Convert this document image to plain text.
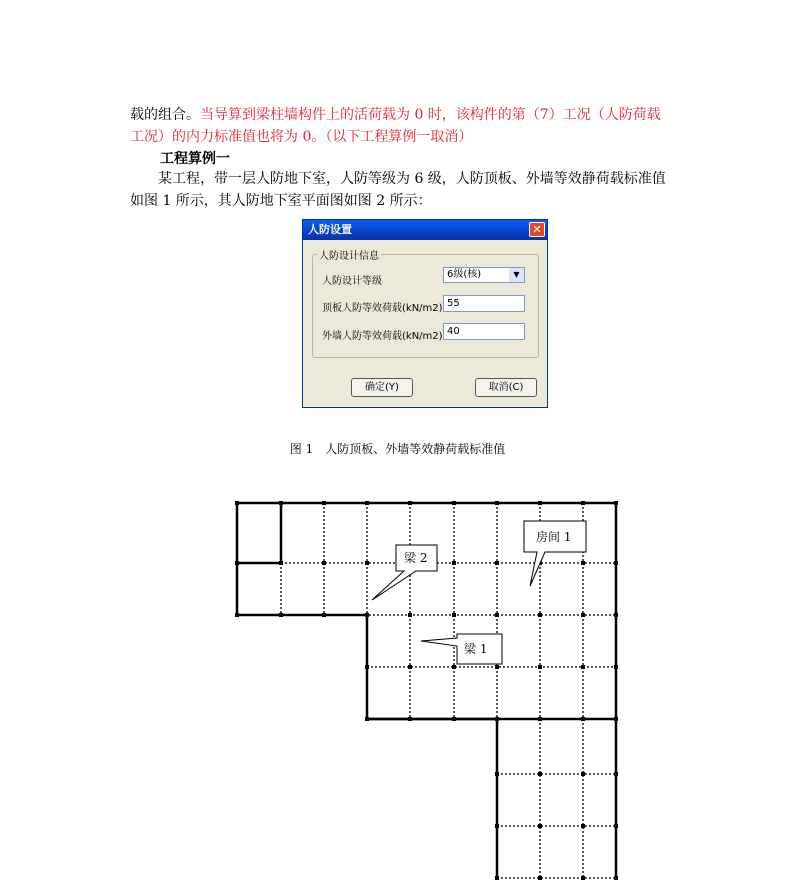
载的组合。当导算到梁柱墙构件上的活荷载为 0 时，该构件的第（7）工况（人防荷载工况）的内力标准值也将为 0。（以下工程算例一取消）
工程算例一
某工程，带一层人防地下室，人防等级为 6 级，人防顶板、外墙等效静荷载标准值如图 1 所示，其人防地下室平面图如图 2 所示：
人防设置	✕
人防设计信息
人防设计等级
6级(核)	▼
顶板人防等效荷载(kN/m2) 55
外墙人防等效荷载(kN/m2) 40
确定(Y)	取消(C)
图 1　人防顶板、外墙等效静荷载标准值
房间 1
梁 2
梁 1
